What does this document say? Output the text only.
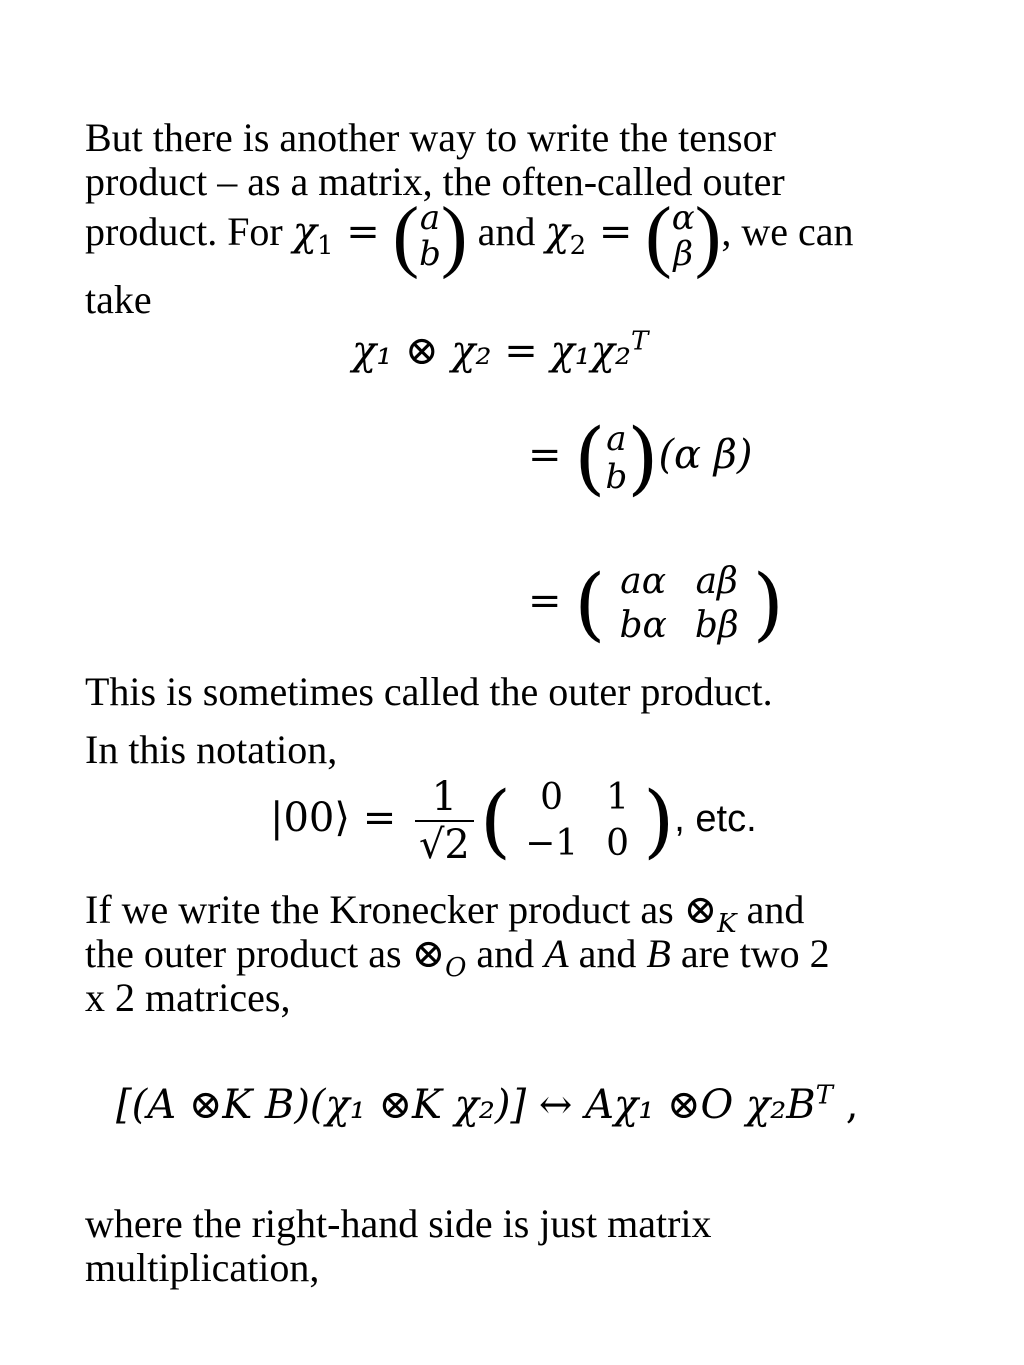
But there is another way to write the tensor
product – as a matrix, the often-called outer
product. For $\chi_1$ = ( a
b ) and $\chi_2$ = ( α
β ), we can
take
χ₁ ⊗ χ₂ = χ₁χ₂$^T$
= ( a
b )(α β)
= ( aα	aβ
bα	bβ )
This is sometimes called the outer product.
In this notation,
|00⟩ = $\frac{1}{√2}$ ( 0	1
−1	0 ), etc.
If we write the Kronecker product as $\otimes_K$ and
the outer product as $\otimes_O$ and A and B are two 2
x 2 matrices,
[(A ⊗K B)(χ₁ ⊗K χ₂)] ↔ Aχ₁ ⊗O $\chi_2B^T$ ,
where the right-hand side is just matrix
multiplication,
